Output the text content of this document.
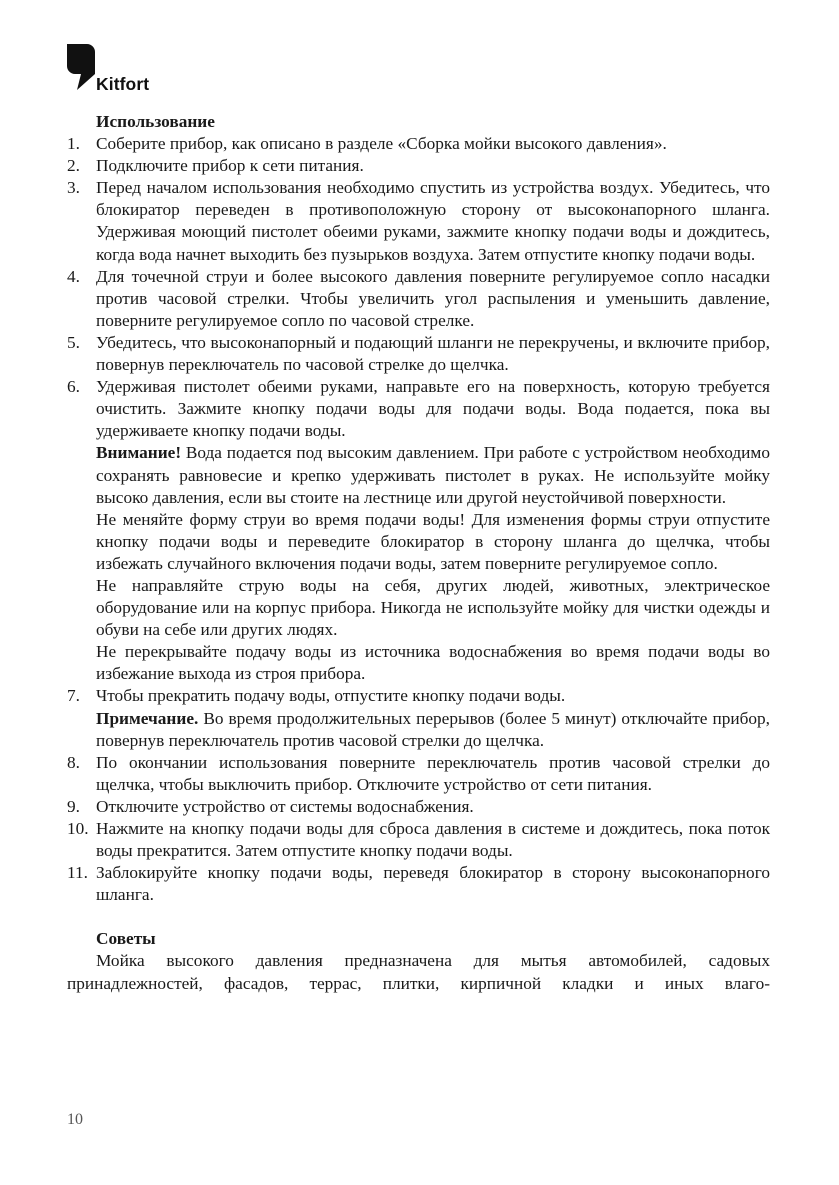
Kitfort
Использование
1. Соберите прибор, как описано в разделе «Сборка мойки высокого давления».
2. Подключите прибор к сети питания.
3. Перед началом использования необходимо спустить из устройства воздух. Убедитесь, что блокиратор переведен в противоположную сторону от высоконапорного шланга. Удерживая моющий пистолет обеими руками, зажмите кнопку подачи воды и дождитесь, когда вода начнет выходить без пузырьков воздуха. Затем отпустите кнопку подачи воды.
4. Для точечной струи и более высокого давления поверните регулируемое сопло насадки против часовой стрелки. Чтобы увеличить угол распыления и уменьшить давление, поверните регулируемое сопло по часовой стрелке.
5. Убедитесь, что высоконапорный и подающий шланги не перекручены, и включите прибор, повернув переключатель по часовой стрелке до щелчка.
6. Удерживая пистолет обеими руками, направьте его на поверхность, которую требуется очистить. Зажмите кнопку подачи воды для подачи воды. Вода подается, пока вы удерживаете кнопку подачи воды.

Внимание! Вода подается под высоким давлением. При работе с устройством необходимо сохранять равновесие и крепко удерживать пистолет в руках. Не используйте мойку высоко давления, если вы стоите на лестнице или другой неустойчивой поверхности.

Не меняйте форму струи во время подачи воды! Для изменения формы струи отпустите кнопку подачи воды и переведите блокиратор в сторону шланга до щелчка, чтобы избежать случайного включения подачи воды, затем поверните регулируемое сопло.
Не направляйте струю воды на себя, других людей, животных, электрическое оборудование или на корпус прибора. Никогда не используйте мойку для чистки одежды и обуви на себе или других людях.
Не перекрывайте подачу воды из источника водоснабжения во время подачи воды во избежание выхода из строя прибора.
7. Чтобы прекратить подачу воды, отпустите кнопку подачи воды.

Примечание. Во время продолжительных перерывов (более 5 минут) отключайте прибор, повернув переключатель против часовой стрелки до щелчка.

8. По окончании использования поверните переключатель против часовой стрелки до щелчка, чтобы выключить прибор. Отключите устройство от сети питания.
9. Отключите устройство от системы водоснабжения.
10. Нажмите на кнопку подачи воды для сброса давления в системе и дождитесь, пока поток воды прекратится. Затем отпустите кнопку подачи воды.
11. Заблокируйте кнопку подачи воды, переведя блокиратор в сторону высоконапорного шланга.
Советы
Мойка высокого давления предназначена для мытья автомобилей, садовых принадлежностей, фасадов, террас, плитки, кирпичной кладки и иных влаго-
10
